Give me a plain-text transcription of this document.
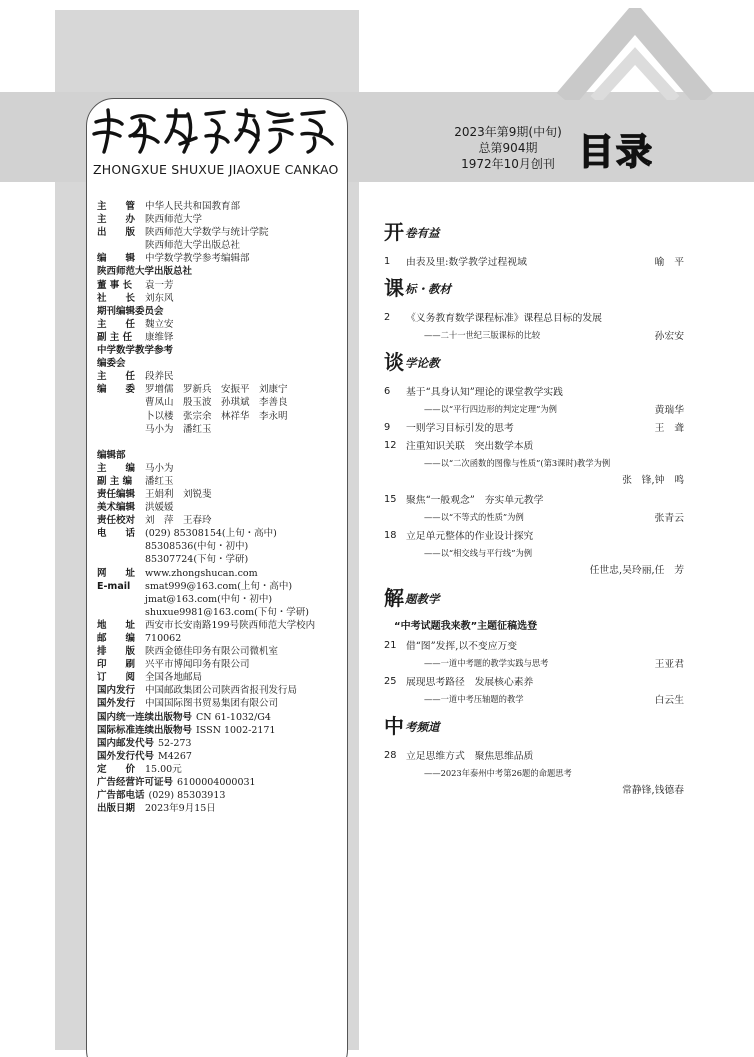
ZHONGXUE SHUXUE JIAOXUE CANKAO
2023年第9期(中旬)
总第904期
1972年10月创刊 目录
主　　管	中华人民共和国教育部
主　　办	陕西师范大学
出　　版	陕西师范大学数学与统计学院
陕西师范大学出版总社
编　　辑	中学数学教学参考编辑部
陕西师范大学出版总社
董 事 长	袁一芳
社　　长	刘东风
期刊编辑委员会
主　　任	魏立安
副 主 任	康维铎
中学数学教学参考
编委会
主　　任	段养民
编　　委	罗增儒　罗新兵　安振平　刘康宁
曹凤山　殷玉波　孙琪斌　李善良
卜以楼　张宗余　林祥华　李永明
马小为　潘红玉
编辑部
主　　编	马小为
副 主 编	潘红玉
责任编辑	王娟利　刘锐斐
美术编辑	洪媛媛
责任校对	刘　萍　王春玲
电　　话	(029) 85308154(上旬・高中)
85308536(中旬・初中)
85307724(下旬・学研)
网　　址	www.zhongshucan.com
E-mail	smat999@163.com(上旬・高中)
jmat@163.com(中旬・初中)
shuxue9981@163.com(下旬・学研)
地　　址	西安市长安南路199号陕西师范大学校内
邮　　编	710062
排　　版	陕西金德佳印务有限公司微机室
印　　刷	兴平市博闻印务有限公司
订　　阅	全国各地邮局
国内发行	中国邮政集团公司陕西省报刊发行局
国外发行	中国国际图书贸易集团有限公司
国内统一连续出版物号 CN 61-1032/G4
国际标准连续出版物号 ISSN 1002-2171
国内邮发代号 52-273
国外发行代号 M4267
定　　价	15.00元
广告经营许可证号 6100004000031
广告部电话 (029) 85303913
出版日期	2023年9月15日
开 卷有益
1	由表及里:数学教学过程视域	喻　平
课 标・教材
2	《义务教育数学课程标准》课程总目标的发展
——二十一世纪三版课标的比较	孙宏安
谈 学论教
6	基于“具身认知”理论的课堂教学实践
——以“平行四边形的判定定理”为例	黄瑞华
9	一则学习目标引发的思考	王　聋
12 注重知识关联　突出数学本质
——以“二次函数的图像与性质”(第3课时)教学为例
张　锋,钟　鸣
15 聚焦“一般观念”　夯实单元教学
——以“不等式的性质”为例	张青云
18 立足单元整体的作业设计探究
——以“相交线与平行线”为例
任世忠,吴玲丽,任　芳
解 题教学
“中考试题我来教”主题征稿选登
21 借“图”发挥,以不变应万变
——一道中考题的教学实践与思考	王亚君
25 展现思考路径　发展核心素养
——一道中考压轴题的教学	白云生
中 考频道
28 立足思维方式　聚焦思维品质
——2023年泰州中考第26题的命题思考
常静锋,钱德春
